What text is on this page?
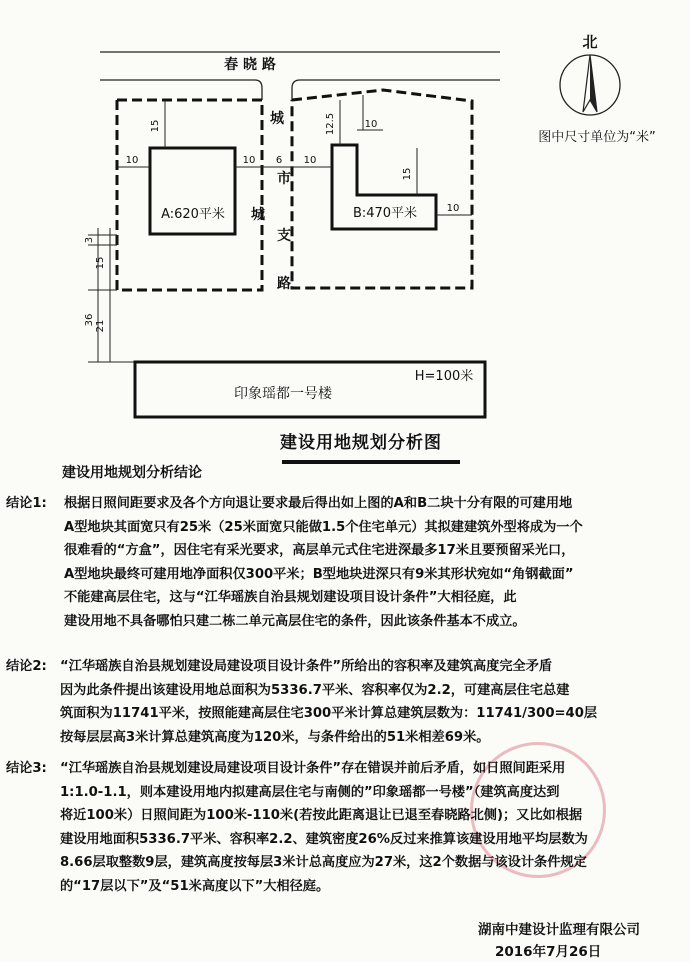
春 晓 路
北
图中尺寸单位为“米”
城
市
支
路
城
A:620平米
15
10	10 6
B:470平米
10
12.5	10
15
10
3
15
36 21
印象瑶都一号楼
H=100米
建设用地规划分析图
建设用地规划分析结论
结论1: 根据日照间距要求及各个方向退让要求最后得出如上图的A和B二块十分有限的可建用地
A型地块其面宽只有25米（25米面宽只能做1.5个住宅单元）其拟建建筑外型将成为一个
很难看的“方盒”，因住宅有采光要求，高层单元式住宅进深最多17米且要预留采光口，
A型地块最终可建用地净面积仅300平米；B型地块进深只有9米其形状宛如“角钢截面”
不能建高层住宅，这与“江华瑶族自治县规划建设项目设计条件”大相径庭，此
建设用地不具备哪怕只建二栋二单元高层住宅的条件，因此该条件基本不成立。
结论2: “江华瑶族自治县规划建设局建设项目设计条件”所给出的容积率及建筑高度完全矛盾
因为此条件提出该建设用地总面积为5336.7平米、容积率仅为2.2，可建高层住宅总建
筑面积为11741平米，按照能建高层住宅300平米计算总建筑层数为：11741/300=40层
按每层层高3米计算总建筑高度为120米，与条件给出的51米相差69米。
结论3: “江华瑶族自治县规划建设局建设项目设计条件”存在错误并前后矛盾，如日照间距采用
1:1.0-1.1，则本建设用地内拟建高层住宅与南侧的”印象瑶都一号楼”（建筑高度达到
将近100米）日照间距为100米-110米(若按此距离退让已退至春晓路北侧)；又比如根据
建设用地面积5336.7平米、容积率2.2、建筑密度26%反过来推算该建设用地平均层数为
8.66层取整数9层，建筑高度按每层3米计总高度应为27米，这2个数据与该设计条件规定
的“17层以下”及“51米高度以下”大相径庭。
湖南中建设计监理有限公司
2016年7月26日
